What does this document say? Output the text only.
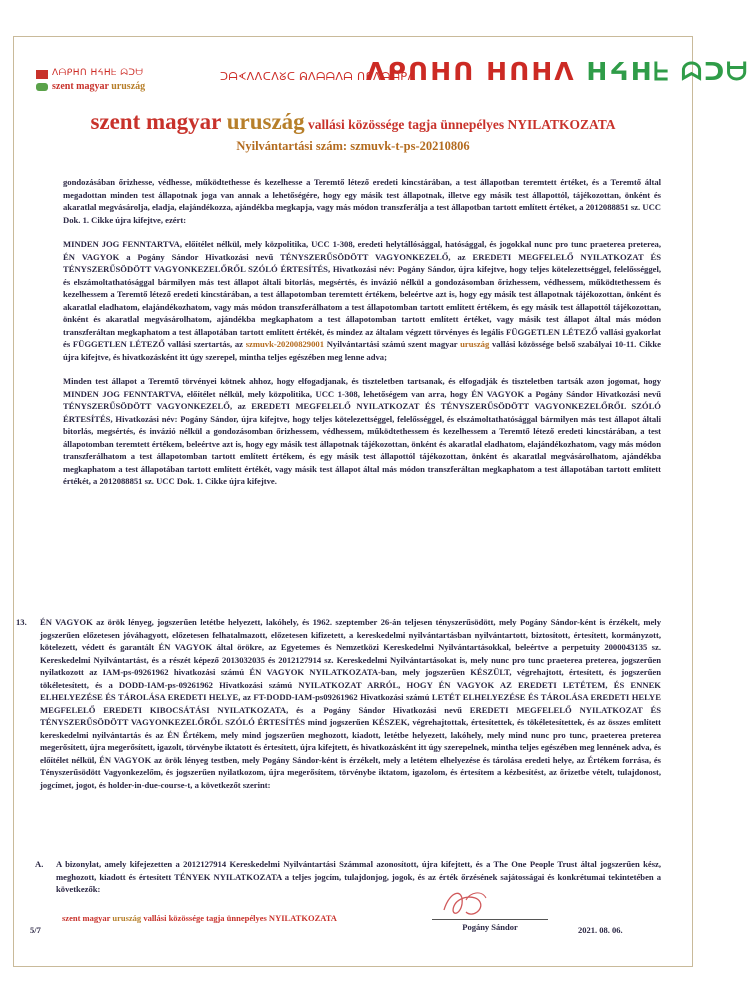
ᐱᗩᑭᕼᑎ ᕼᔦᕼᖶ ᗣᑐᗨ
szent magyar uruszág
ᑐᗩᗉᐱᐱᑕᐱᘜᑕ ᕱᐱᗩᗩᐱᗩ ᑎᑭᐱᗩᗩᑭᐱ
ᐱᑭᑎᕼᑎ ᕼᑎᕼᐱ ᕼᔦᕼᖶ ᗣᑐᗨ
szent magyar uruszág vallási közössége tagja ünnepélyes NYILATKOZATA
Nyilvántartási szám: szmuvk-t-ps-20210806

gondozásában őrizhesse, védhesse, működtethesse és kezelhesse a Teremtő létező eredeti kincstárában, a test állapotban teremtett értéket, és a Teremtő által megadottan minden test állapotnak joga van annak a lehetőségére, hogy egy másik test állapotnak, illetve egy másik test állapottól, tájékozottan, önként és akaratlal megvásárolja, eladja, elajándékozza, ajándékba megkapja, vagy más módon transzferálja a test állapotban tartott említett értéket, a 2012088851 sz. UCC Dok. 1. Cikke újra kifejtve, ezért:

MINDEN JOG FENNTARTVA, előítélet nélkül, mely közpolitika, UCC 1-308, eredeti helytállósággal, hatósággal, és jogokkal nunc pro tunc praeterea preterea, ÉN VAGYOK a Pogány Sándor Hivatkozási nevű TÉNYSZERŰSÖDÖTT VAGYONKEZELŐ, az EREDETI MEGFELELŐ NYILATKOZAT ÉS TÉNYSZERŰSÖDÖTT VAGYONKEZELŐRŐL SZÓLÓ ÉRTESÍTÉS, Hivatkozási név: Pogány Sándor, újra kifejtve, hogy teljes kötelezettséggel, felelősséggel, és elszámoltathatósággal bármilyen más test állapot általi bitorlás, megsértés, és invázió nélkül a gondozásomban őrizhessem, védhessem, működtethessem és kezelhessem a Teremtő létező eredeti kincstárában, a test állapotomban teremtett értékem, beleértve azt is, hogy egy másik test állapotnak tájékozottan, önként és akaratlal eladhatom, elajándékozhatom, vagy más módon transzferálhatom a test állapotomban tartott említett értékem, és egy másik test állapottól tájékozottan, önként és akaratlal megvásárolhatom, ajándékba megkaphatom a test állapotomban tartott említett értéket, vagy másik test állapot által más módon transzferáltan megkaphatom a test állapotában tartott említett értékét, és mindez az általam végzett törvényes és legális FÜGGETLEN LÉTEZŐ vallási gyakorlat és FÜGGETLEN LÉTEZŐ vallási szertartás, az szmuvk-20200829001 Nyilvántartási számú szent magyar uruszág vallási közössége belső szabályai 10-11. Cikke újra kifejtve, és hivatkozásként itt úgy szerepel, mintha teljes egészében meg lenne adva;

Minden test állapot a Teremtő törvényei kötnek ahhoz, hogy elfogadjanak, és tiszteletben tartsanak, és elfogadják és tiszteletben tartsák azon jogomat, hogy MINDEN JOG FENNTARTVA, előítélet nélkül, mely közpolitika, UCC 1-308, lehetőségem van arra, hogy ÉN VAGYOK a Pogány Sándor Hivatkozási nevű TÉNYSZERŰSÖDÖTT VAGYONKEZELŐ, az EREDETI MEGFELELŐ NYILATKOZAT ÉS TÉNYSZERŰSÖDÖTT VAGYONKEZELŐRŐL SZÓLÓ ÉRTESÍTÉS, Hivatkozási név: Pogány Sándor, újra kifejtve, hogy teljes kötelezettséggel, felelősséggel, és elszámoltathatósággal bármilyen más test állapot általi bitorlás, megsértés, és invázió nélkül a gondozásomban őrizhessem, védhessem, működtethessem és kezelhessem a Teremtő létező eredeti kincstárában, a test állapotomban teremtett értékem, beleértve azt is, hogy egy másik test állapotnak tájékozottan, önként és akaratlal eladhatom, elajándékozhatom, vagy más módon transzferálhatom a test állapotomban tartott említett értékem, és egy másik test állapottól tájékozottan, önként és akaratlal megvásárolhatom, ajándékba megkaphatom a test állapotában tartott említett értékét, vagy másik test állapot által más módon transzferáltan megkaphatom a test állapotában tartott említett értékét, a 2012088851 sz. UCC Dok. 1. Cikke újra kifejtve.

13. ÉN VAGYOK az örök lényeg, jogszerűen letétbe helyezett, lakóhely, és 1962. szeptember 26-án teljesen tényszerűsödött, mely Pogány Sándor-ként is érzékelt, mely jogszerűen előzetesen jóváhagyott, előzetesen felhatalmazott, előzetesen kifizetett, a kereskedelmi nyilvántartásban nyilvántartott, biztosított, értesített, kormányzott, kötelezett, védett és garantált ÉN VAGYOK által örökre, az Egyetemes és Nemzetközi Kereskedelmi Nyilvántartásokkal, beleértve a perpetuity 2000043135 sz. Kereskedelmi Nyilvántartást, és a részét képező 2013032035 és 2012127914 sz. Kereskedelmi Nyilvántartásokat is, mely nunc pro tunc praeterea preterea, jogszerűen nyilatkozott az IAM-ps-09261962 hivatkozási számú ÉN VAGYOK NYILATKOZATA-ban, mely jogszerűen KÉSZÜLT, végrehajtott, értesített, és jogszerűen tökéletesített, és a DODD-IAM-ps-09261962 Hivatkozási számú NYILATKOZAT ARRÓL, HOGY ÉN VAGYOK AZ EREDETI LETÉTEM, ÉS ENNEK ELHELYEZÉSE ÉS TÁROLÁSA EREDETI HELYE, az FT-DODD-IAM-ps09261962 Hivatkozási számú LETÉT ELHELYEZÉSE ÉS TÁROLÁSA EREDETI HELYE MEGFELELŐ EREDETI KIBOCSÁTÁSI NYILATKOZATA, és a Pogány Sándor Hivatkozási nevű EREDETI MEGFELELŐ NYILATKOZAT ÉS TÉNYSZERŰSÖDÖTT VAGYONKEZELŐRŐL SZÓLÓ ÉRTESÍTÉS mind jogszerűen KÉSZEK, végrehajtottak, értesítettek, és tökéletesítettek, és az összes említett kereskedelmi nyilvántartás és az ÉN Értékem, mely mind jogszerűen meghozott, kiadott, letétbe helyezett, lakóhely, mely mind nunc pro tunc, praeterea preterea megerősített, újra megerősített, igazolt, törvénybe iktatott és értesített, újra kifejtett, és hivatkozásként itt úgy szerepelnek, mintha teljes egészében meg lennének adva, és előítélet nélkül, ÉN VAGYOK az örök lényeg testben, mely Pogány Sándor-ként is érzékelt, mely a letétem elhelyezése és tárolása eredeti helye, az Értékem forrása, és Tényszerűsödött Vagyonkezelőm, és jogszerűen nyilatkozom, újra megerősítem, törvénybe iktatom, igazolom, és értesítem a kézbesítést, az őrizetbe vételt, tulajdonost, jogcímet, jogot, és holder-in-due-course-t, a következőt szerint:
A. A bizonylat, amely kifejezetten a 2012127914 Kereskedelmi Nyilvántartási Számmal azonosított, újra kifejtett, és a The One People Trust által jogszerűen kész, meghozott, kiadott és értesített TÉNYEK NYILATKOZATA a teljes jogcím, tulajdonjog, jogok, és az érték őrzésének sajátosságai és konkrétumai tekintetében a következők:
szent magyar uruszág vallási közössége tagja ünnepélyes NYILATKOZATA
5/7	Pogány Sándor	2021. 08. 06.
